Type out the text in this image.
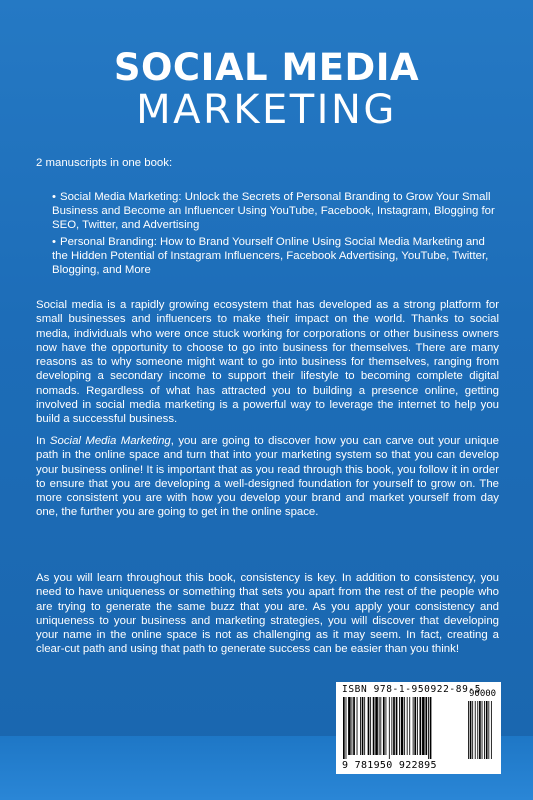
SOCIAL MEDIA
MARKETING
2 manuscripts in one book:
• Social Media Marketing: Unlock the Secrets of Personal Branding to Grow Your Small Business and Become an Influencer Using YouTube, Facebook, Instagram, Blogging for SEO, Twitter, and Advertising
• Personal Branding: How to Brand Yourself Online Using Social Media Marketing and the Hidden Potential of Instagram Influencers, Facebook Advertising, YouTube, Twitter, Blogging, and More

Social media is a rapidly growing ecosystem that has developed as a strong platform for small businesses and influencers to make their impact on the world. Thanks to social media, individuals who were once stuck working for corporations or other business owners now have the opportunity to choose to go into business for themselves. There are many reasons as to why someone might want to go into business for themselves, ranging from developing a secondary income to support their lifestyle to becoming complete digital nomads. Regardless of what has attracted you to building a presence online, getting involved in social media marketing is a powerful way to leverage the internet to help you build a successful business.

In Social Media Marketing, you are going to discover how you can carve out your unique path in the online space and turn that into your marketing system so that you can develop your business online! It is important that as you read through this book, you follow it in order to ensure that you are developing a well-designed foundation for yourself to grow on. The more consistent you are with how you develop your brand and market yourself from day one, the further you are going to get in the online space.

As you will learn throughout this book, consistency is key. In addition to consistency, you need to have uniqueness or something that sets you apart from the rest of the people who are trying to generate the same buzz that you are. As you apply your consistency and uniqueness to your business and marketing strategies, you will discover that developing your name in the online space is not as challenging as it may seem. In fact, creating a clear-cut path and using that path to generate success can be easier than you think!

ISBN 978-1-950922-89-5
90000
9 781950 922895
